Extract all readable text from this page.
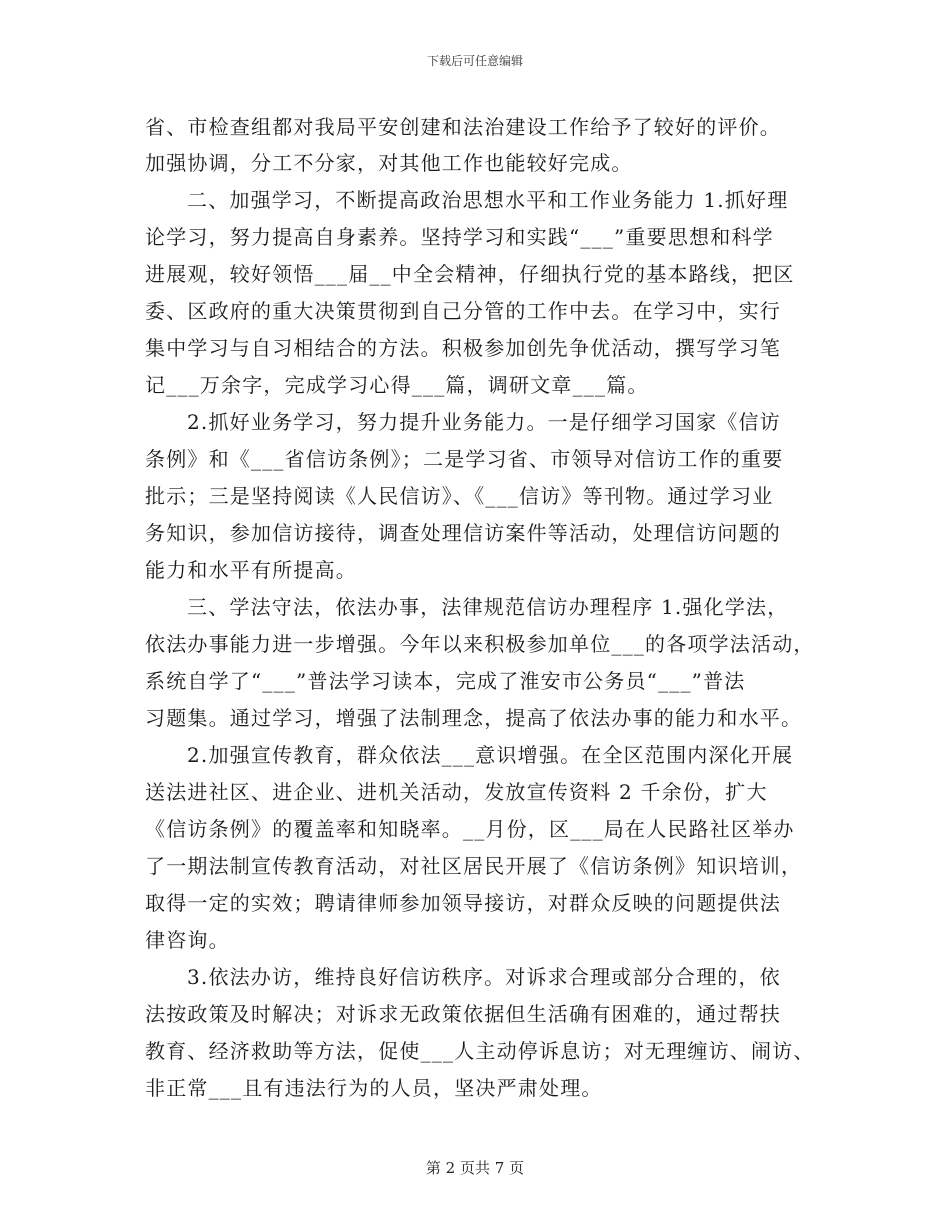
下载后可任意编辑
省、市检查组都对我局平安创建和法治建设工作给予了较好的评价。
加强协调，分工不分家，对其他工作也能较好完成。
二、加强学习，不断提高政治思想水平和工作业务能力 1.抓好理
论学习，努力提高自身素养。坚持学习和实践“___”重要思想和科学
进展观，较好领悟___届__中全会精神，仔细执行党的基本路线，把区
委、区政府的重大决策贯彻到自己分管的工作中去。在学习中，实行
集中学习与自习相结合的方法。积极参加创先争优活动，撰写学习笔
记___万余字，完成学习心得___篇，调研文章___篇。
2.抓好业务学习，努力提升业务能力。一是仔细学习国家《信访
条例》和《___省信访条例》；二是学习省、市领导对信访工作的重要
批示；三是坚持阅读《人民信访》、《___信访》等刊物。通过学习业
务知识，参加信访接待，调查处理信访案件等活动，处理信访问题的
能力和水平有所提高。
三、学法守法，依法办事，法律规范信访办理程序 1.强化学法，
依法办事能力进一步增强。今年以来积极参加单位___的各项学法活动，
系统自学了“___”普法学习读本，完成了淮安市公务员“___”普法
习题集。通过学习，增强了法制理念，提高了依法办事的能力和水平。
2.加强宣传教育，群众依法___意识增强。在全区范围内深化开展
送法进社区、进企业、进机关活动，发放宣传资料 2 千余份，扩大
《信访条例》的覆盖率和知晓率。__月份，区___局在人民路社区举办
了一期法制宣传教育活动，对社区居民开展了《信访条例》知识培训，
取得一定的实效；聘请律师参加领导接访，对群众反映的问题提供法
律咨询。
3.依法办访，维持良好信访秩序。对诉求合理或部分合理的，依
法按政策及时解决；对诉求无政策依据但生活确有困难的，通过帮扶
教育、经济救助等方法，促使___人主动停诉息访；对无理缠访、闹访、
非正常___且有违法行为的人员，坚决严肃处理。
第 2 页共 7 页
